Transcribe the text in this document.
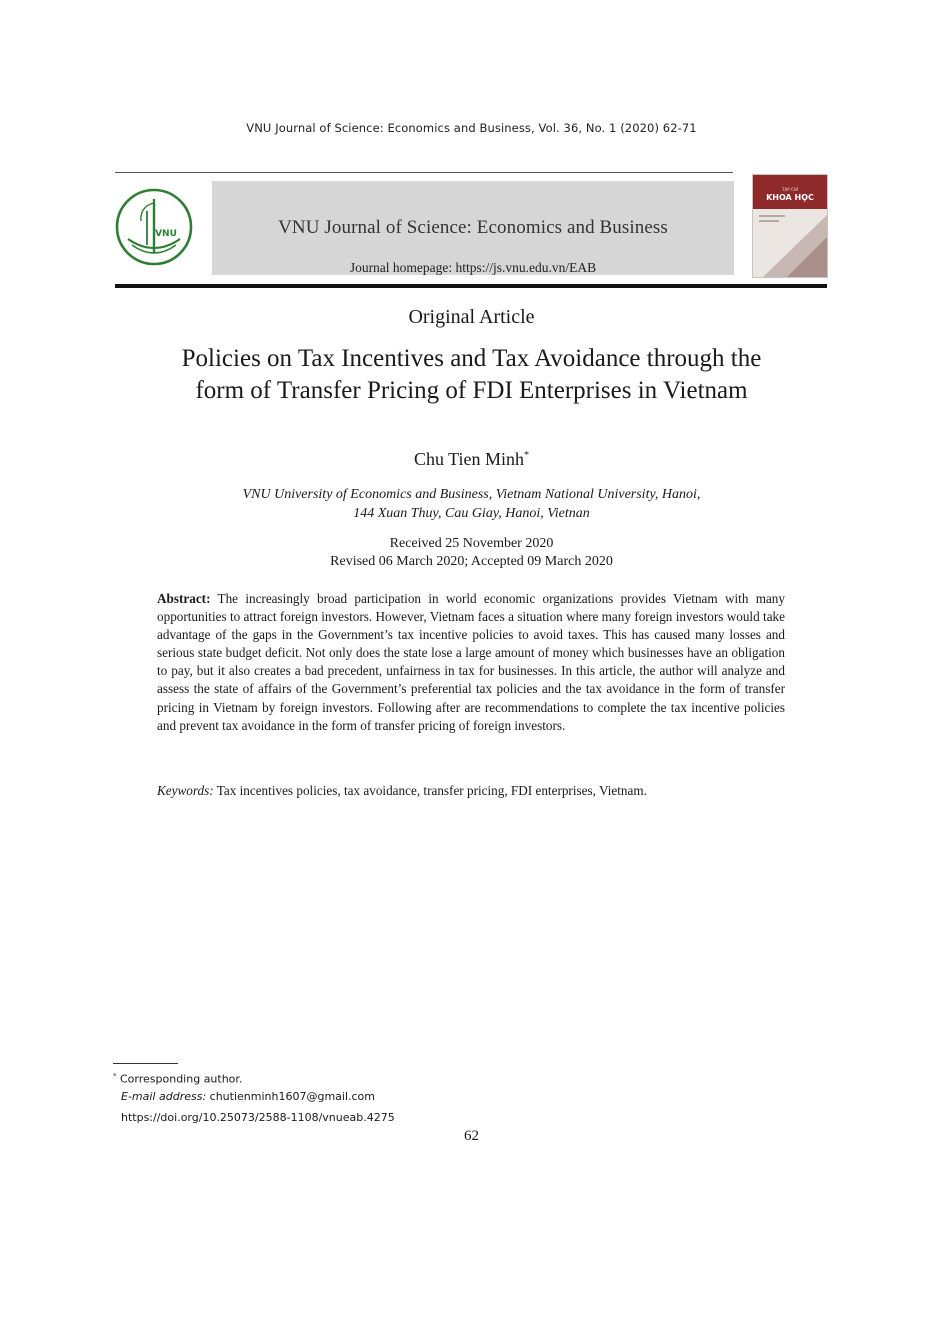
VNU Journal of Science: Economics and Business, Vol. 36, No. 1 (2020) 62-71
VNU	VNU Journal of Science: Economics and Business
Journal homepage: https://js.vnu.edu.vn/EAB
TẠP CHÍ
KHOA HỌC
Original Article
Policies on Tax Incentives and Tax Avoidance through the
form of Transfer Pricing of FDI Enterprises in Vietnam
Chu Tien Minh*
VNU University of Economics and Business, Vietnam National University, Hanoi,
144 Xuan Thuy, Cau Giay, Hanoi, Vietnan
Received 25 November 2020
Revised 06 March 2020; Accepted 09 March 2020

Abstract: The increasingly broad participation in world economic organizations provides Vietnam with many opportunities to attract foreign investors. However, Vietnam faces a situation where many foreign investors would take advantage of the gaps in the Government’s tax incentive policies to avoid taxes. This has caused many losses and serious state budget deficit. Not only does the state lose a large amount of money which businesses have an obligation to pay, but it also creates a bad precedent, unfairness in tax for businesses. In this article, the author will analyze and assess the state of affairs of the Government’s preferential tax policies and the tax avoidance in the form of transfer pricing in Vietnam by foreign investors. Following after are recommendations to complete the tax incentive policies and prevent tax avoidance in the form of transfer pricing of foreign investors.

Keywords: Tax incentives policies, tax avoidance, transfer pricing, FDI enterprises, Vietnam.

* Corresponding author.
E-mail address: chutienminh1607@gmail.com
https://doi.org/10.25073/2588-1108/vnueab.4275
62
